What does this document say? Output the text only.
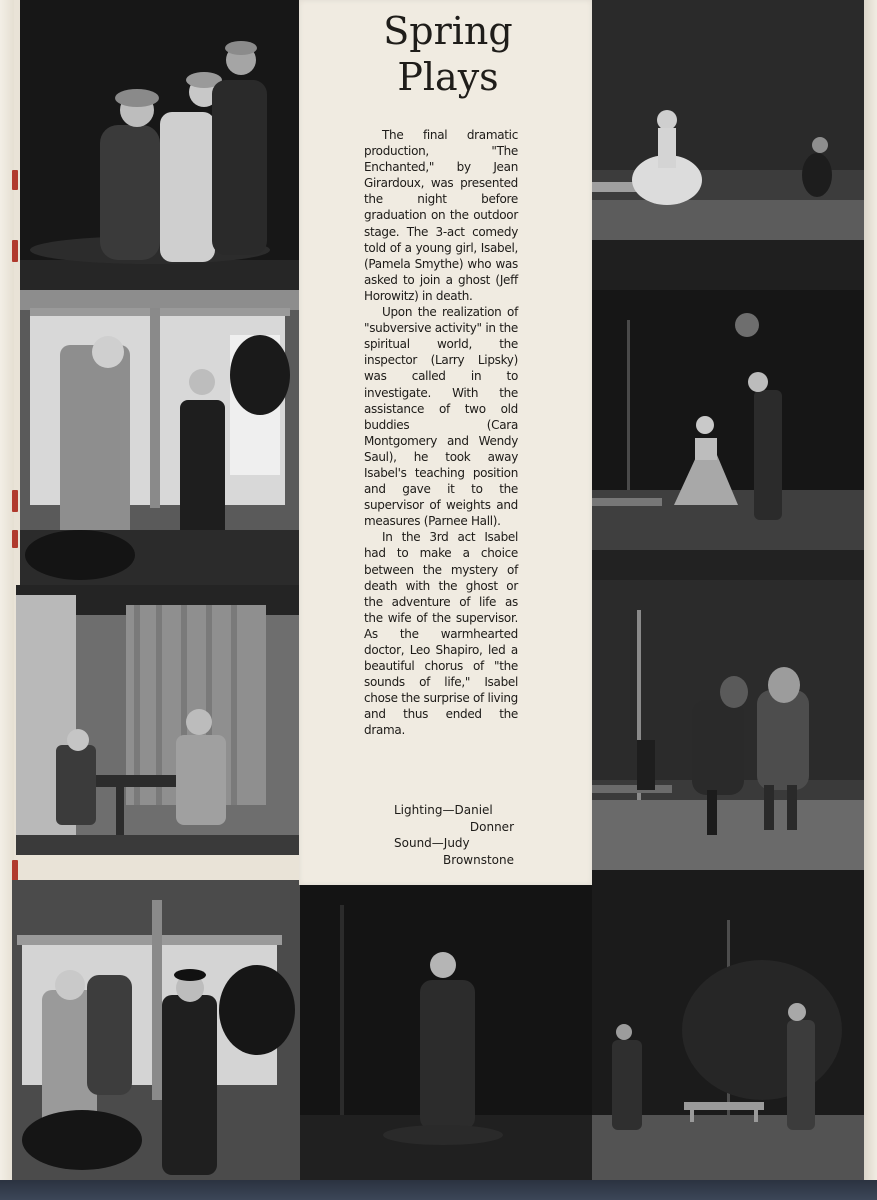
Spring
Plays

The final dramatic production, "The Enchanted," by Jean Girardoux, was presented the night before graduation on the outdoor stage. The 3-act comedy told of a young girl, Isabel, (Pamela Smythe) who was asked to join a ghost (Jeff Horowitz) in death.

Upon the realization of "subversive activity" in the spiritual world, the inspector (Larry Lipsky) was called in to investigate. With the assistance of two old buddies (Cara Montgomery and Wendy Saul), he took away Isabel's teaching position and gave it to the supervisor of weights and measures (Parnee Hall).

In the 3rd act Isabel had to make a choice between the mystery of death with the ghost or the adventure of life as the wife of the supervisor. As the warmhearted doctor, Leo Shapiro, led a beautiful chorus of "the sounds of life," Isabel chose the surprise of living and thus ended the drama.

Lighting—Daniel
Donner
Sound—Judy
Brownstone
